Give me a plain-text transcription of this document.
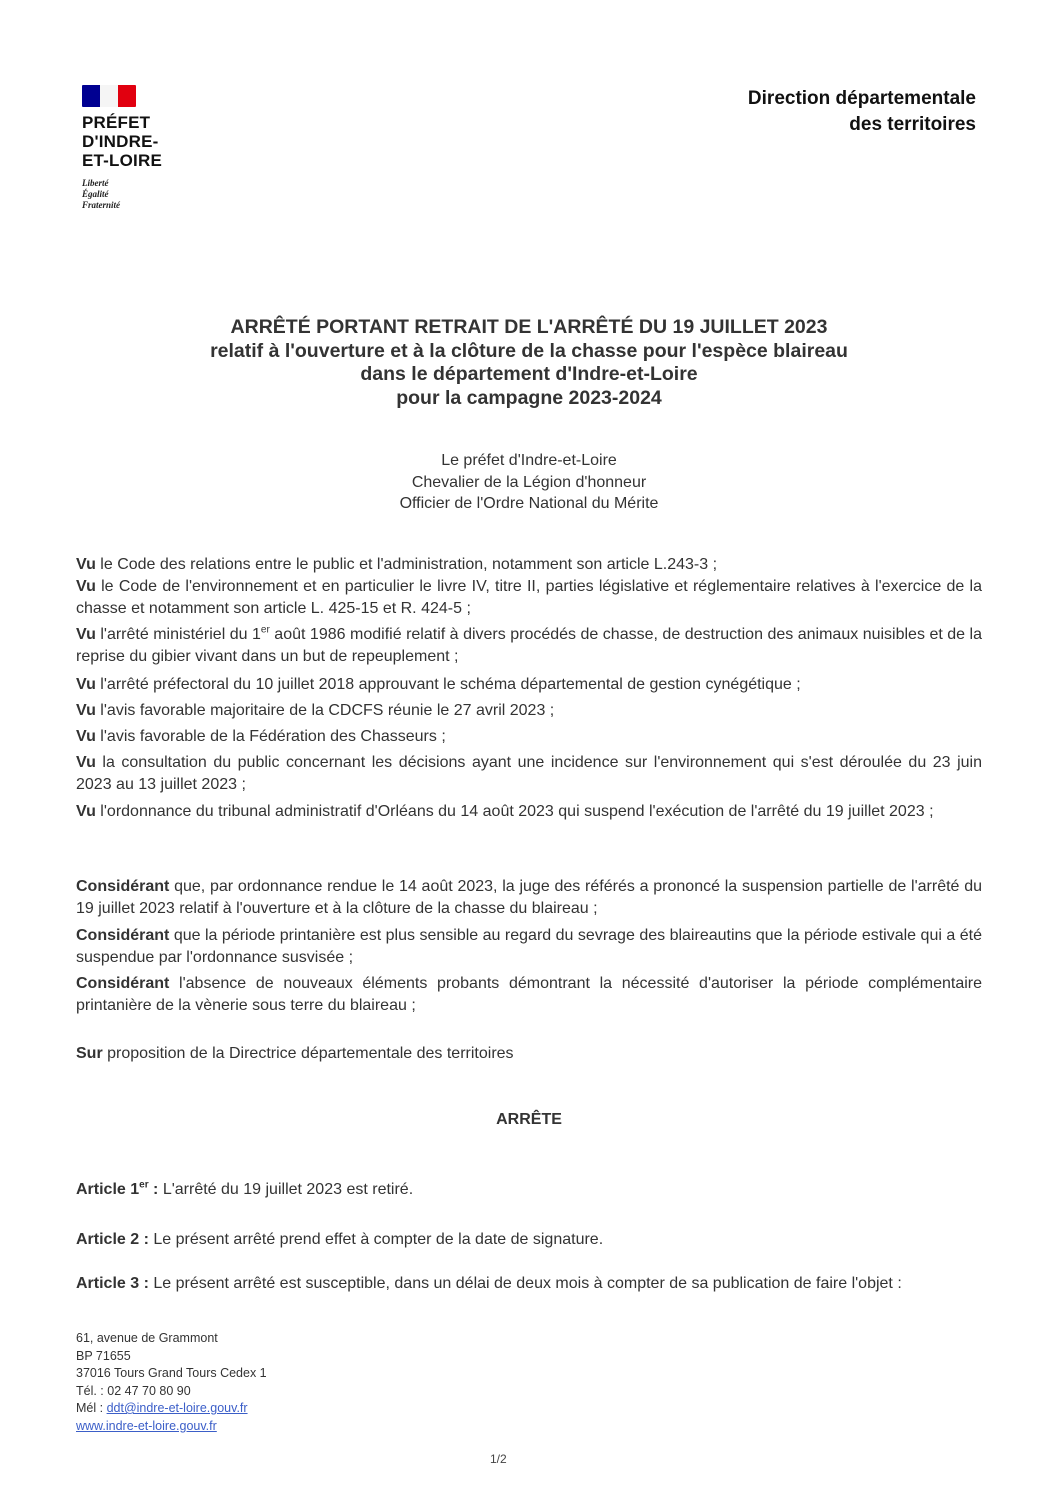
PRÉFET
D'INDRE-
ET-LOIRE
Liberté
Égalité
Fraternité
Direction départementale
des territoires
ARRÊTÉ PORTANT RETRAIT DE L'ARRÊTÉ DU 19 JUILLET 2023
relatif à l'ouverture et à la clôture de la chasse pour l'espèce blaireau
dans le département d'Indre-et-Loire
pour la campagne 2023-2024
Le préfet d'Indre-et-Loire
Chevalier de la Légion d'honneur
Officier de l'Ordre National du Mérite
Vu le Code des relations entre le public et l'administration, notamment son article L.243-3 ;
Vu le Code de l'environnement et en particulier le livre IV, titre II, parties législative et réglementaire relatives à l'exercice de la chasse et notamment son article L. 425-15 et R. 424-5 ;
Vu l'arrêté ministériel du 1er août 1986 modifié relatif à divers procédés de chasse, de destruction des animaux nuisibles et de la reprise du gibier vivant dans un but de repeuplement ;
Vu l'arrêté préfectoral du 10 juillet 2018 approuvant le schéma départemental de gestion cynégétique ;
Vu l'avis favorable majoritaire de la CDCFS réunie le 27 avril 2023 ;
Vu l'avis favorable de la Fédération des Chasseurs ;
Vu la consultation du public concernant les décisions ayant une incidence sur l'environnement qui s'est déroulée du 23 juin 2023 au 13 juillet 2023 ;
Vu l'ordonnance du tribunal administratif d'Orléans du 14 août 2023 qui suspend l'exécution de l'arrêté du 19 juillet 2023 ;
Considérant que, par ordonnance rendue le 14 août 2023, la juge des référés a prononcé la suspension partielle de l'arrêté du 19 juillet 2023 relatif à l'ouverture et à la clôture de la chasse du blaireau ;
Considérant que la période printanière est plus sensible au regard du sevrage des blaireautins que la période estivale qui a été suspendue par l'ordonnance susvisée ;
Considérant l'absence de nouveaux éléments probants démontrant la nécessité d'autoriser la période complémentaire printanière de la vènerie sous terre du blaireau ;
Sur proposition de la Directrice départementale des territoires
ARRÊTE
Article 1er : L'arrêté du 19 juillet 2023 est retiré.
Article 2 : Le présent arrêté prend effet à compter de la date de signature.
Article 3 : Le présent arrêté est susceptible, dans un délai de deux mois à compter de sa publication de faire l'objet :
61, avenue de Grammont
BP 71655
37016 Tours Grand Tours Cedex 1
Tél. : 02 47 70 80 90
Mél : ddt@indre-et-loire.gouv.fr
www.indre-et-loire.gouv.fr
1/2
